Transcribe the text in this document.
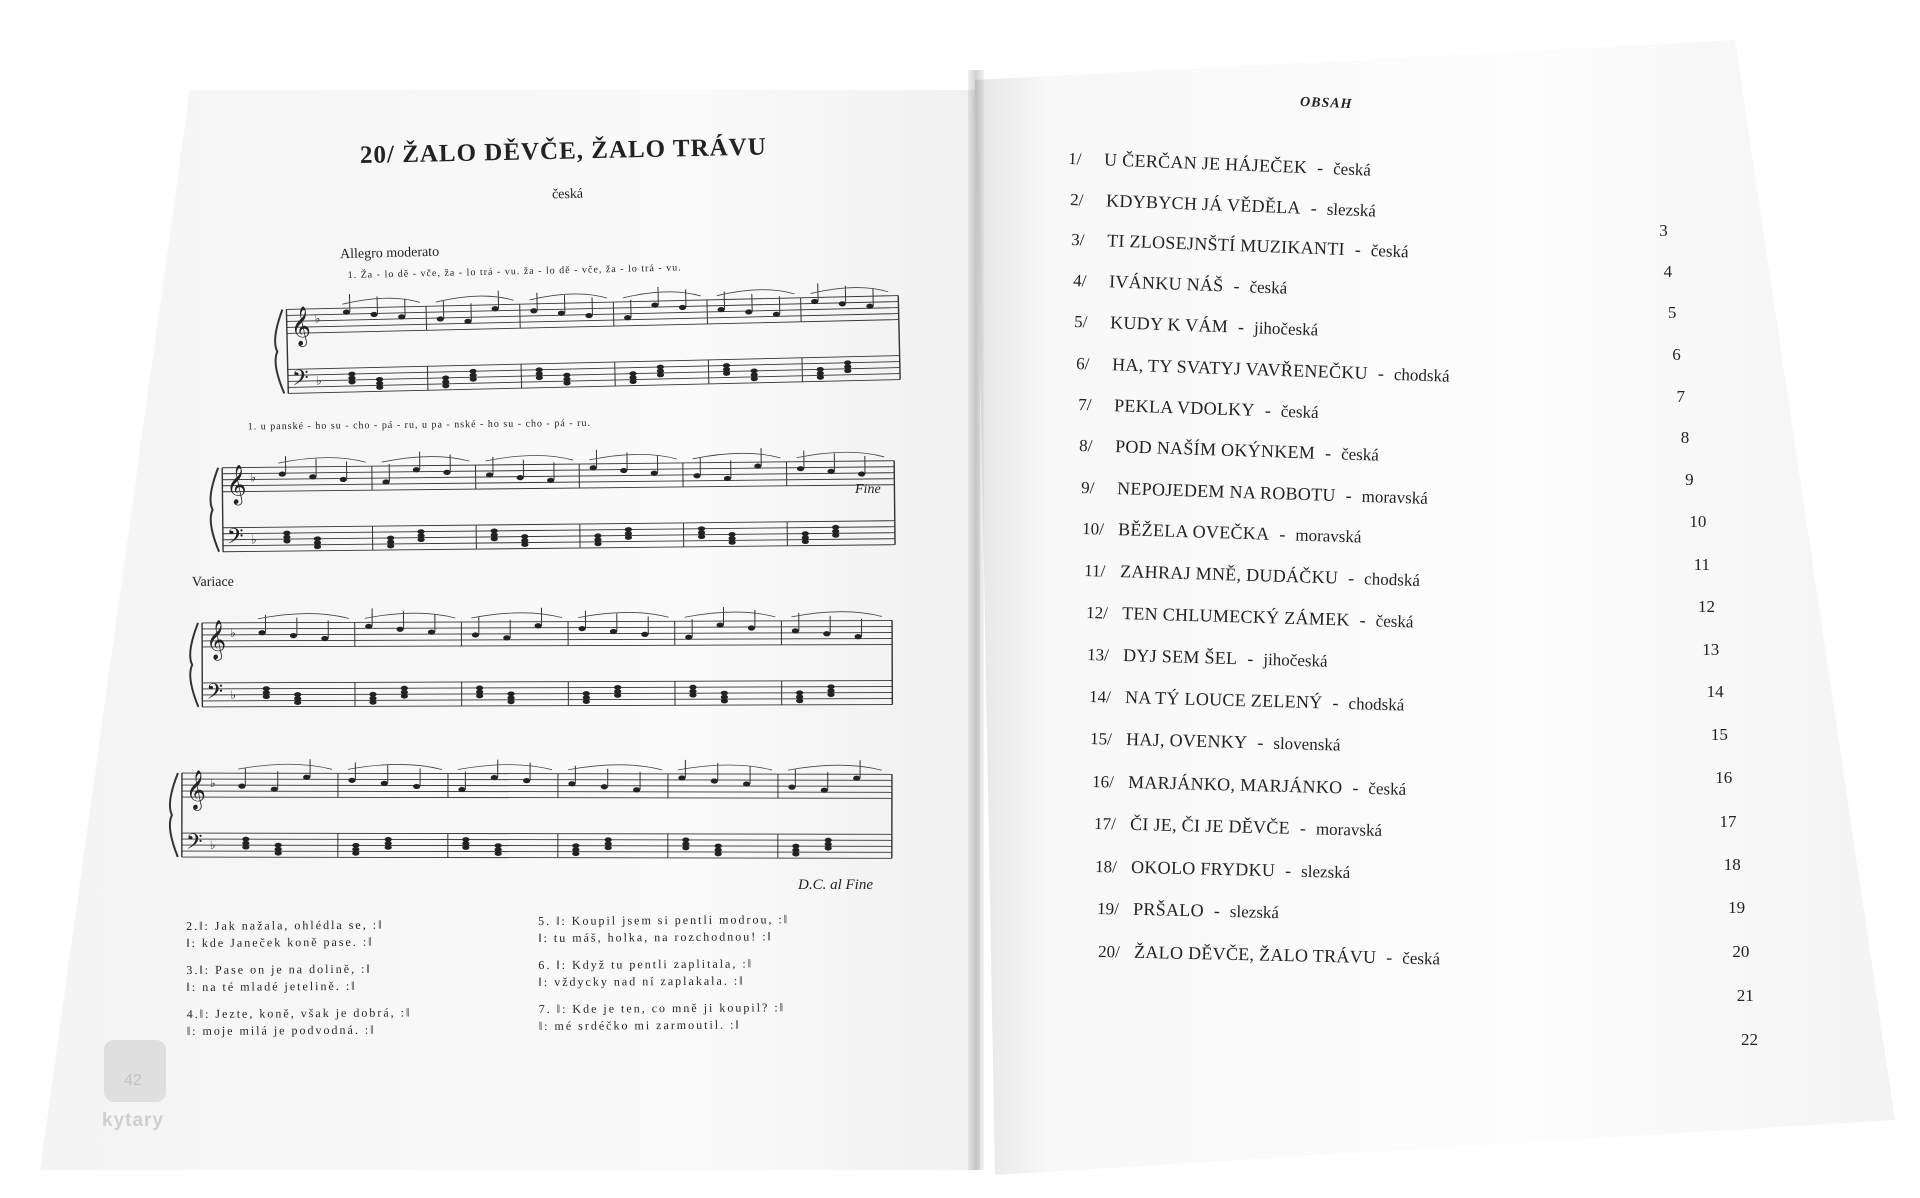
20/ ŽALO DĚVČE, ŽALO TRÁVU
česká
Allegro moderato
𝄞
𝄢
♭
♭
1. Ža - lo dě - vče, ža - lo trá - vu. ža - lo dě - vče, ža - lo trá - vu.
𝄞
𝄢
♭
♭
1. u panské - ho su - cho - pá - ru, u pa - nské - ho su - cho - pá - ru.
Fine
𝄞
𝄢
♭
♭
Variace
𝄞
𝄢
♭
♭
D.C. al Fine
2.‖: Jak nažala, ohlédla se, :‖
‖: kde Janeček koně pase. :‖
3.‖: Pase on je na dolině, :‖
‖: na té mladé jetelině. :‖
4.‖: Jezte, koně, však je dobrá, :‖
‖: moje milá je podvodná. :‖
5. ‖: Koupil jsem si pentli modrou, :‖
‖: tu máš, holka, na rozchodnou! :‖
6. ‖: Když tu pentli zaplitala, :‖
‖: vždycky nad ní zaplakala. :‖
7. ‖: Kde je ten, co mně ji koupil? :‖
‖: mé srdéčko mi zarmoutil. :‖
42
kytary
OBSAH
1/ U ČERČAN JE HÁJEČEK - česká
2/ KDYBYCH JÁ VĚDĚLA - slezská
3
3/ TI ZLOSEJNŠTÍ MUZIKANTI - česká
4
4/ IVÁNKU NÁŠ - česká
5
5/ KUDY K VÁM - jihočeská
6
6/ HA, TY SVATYJ VAVŘENEČKU - chodská
7
7/ PEKLA VDOLKY - česká
8
8/ POD NAŠÍM OKÝNKEM - česká
9
9/ NEPOJEDEM NA ROBOTU - moravská
10
10/ BĚŽELA OVEČKA - moravská
11
11/ ZAHRAJ MNĚ, DUDÁČKU - chodská
12
12/ TEN CHLUMECKÝ ZÁMEK - česká
13
13/ DYJ SEM ŠEL - jihočeská
14
14/ NA TÝ LOUCE ZELENÝ - chodská
15
15/ HAJ, OVENKY - slovenská
16
16/ MARJÁNKO, MARJÁNKO - česká
17
17/ ČI JE, ČI JE DĚVČE - moravská
18
18/ OKOLO FRYDKU - slezská
19
19/ PRŠALO - slezská
20
20/ ŽALO DĚVČE, ŽALO TRÁVU - česká
21
22
